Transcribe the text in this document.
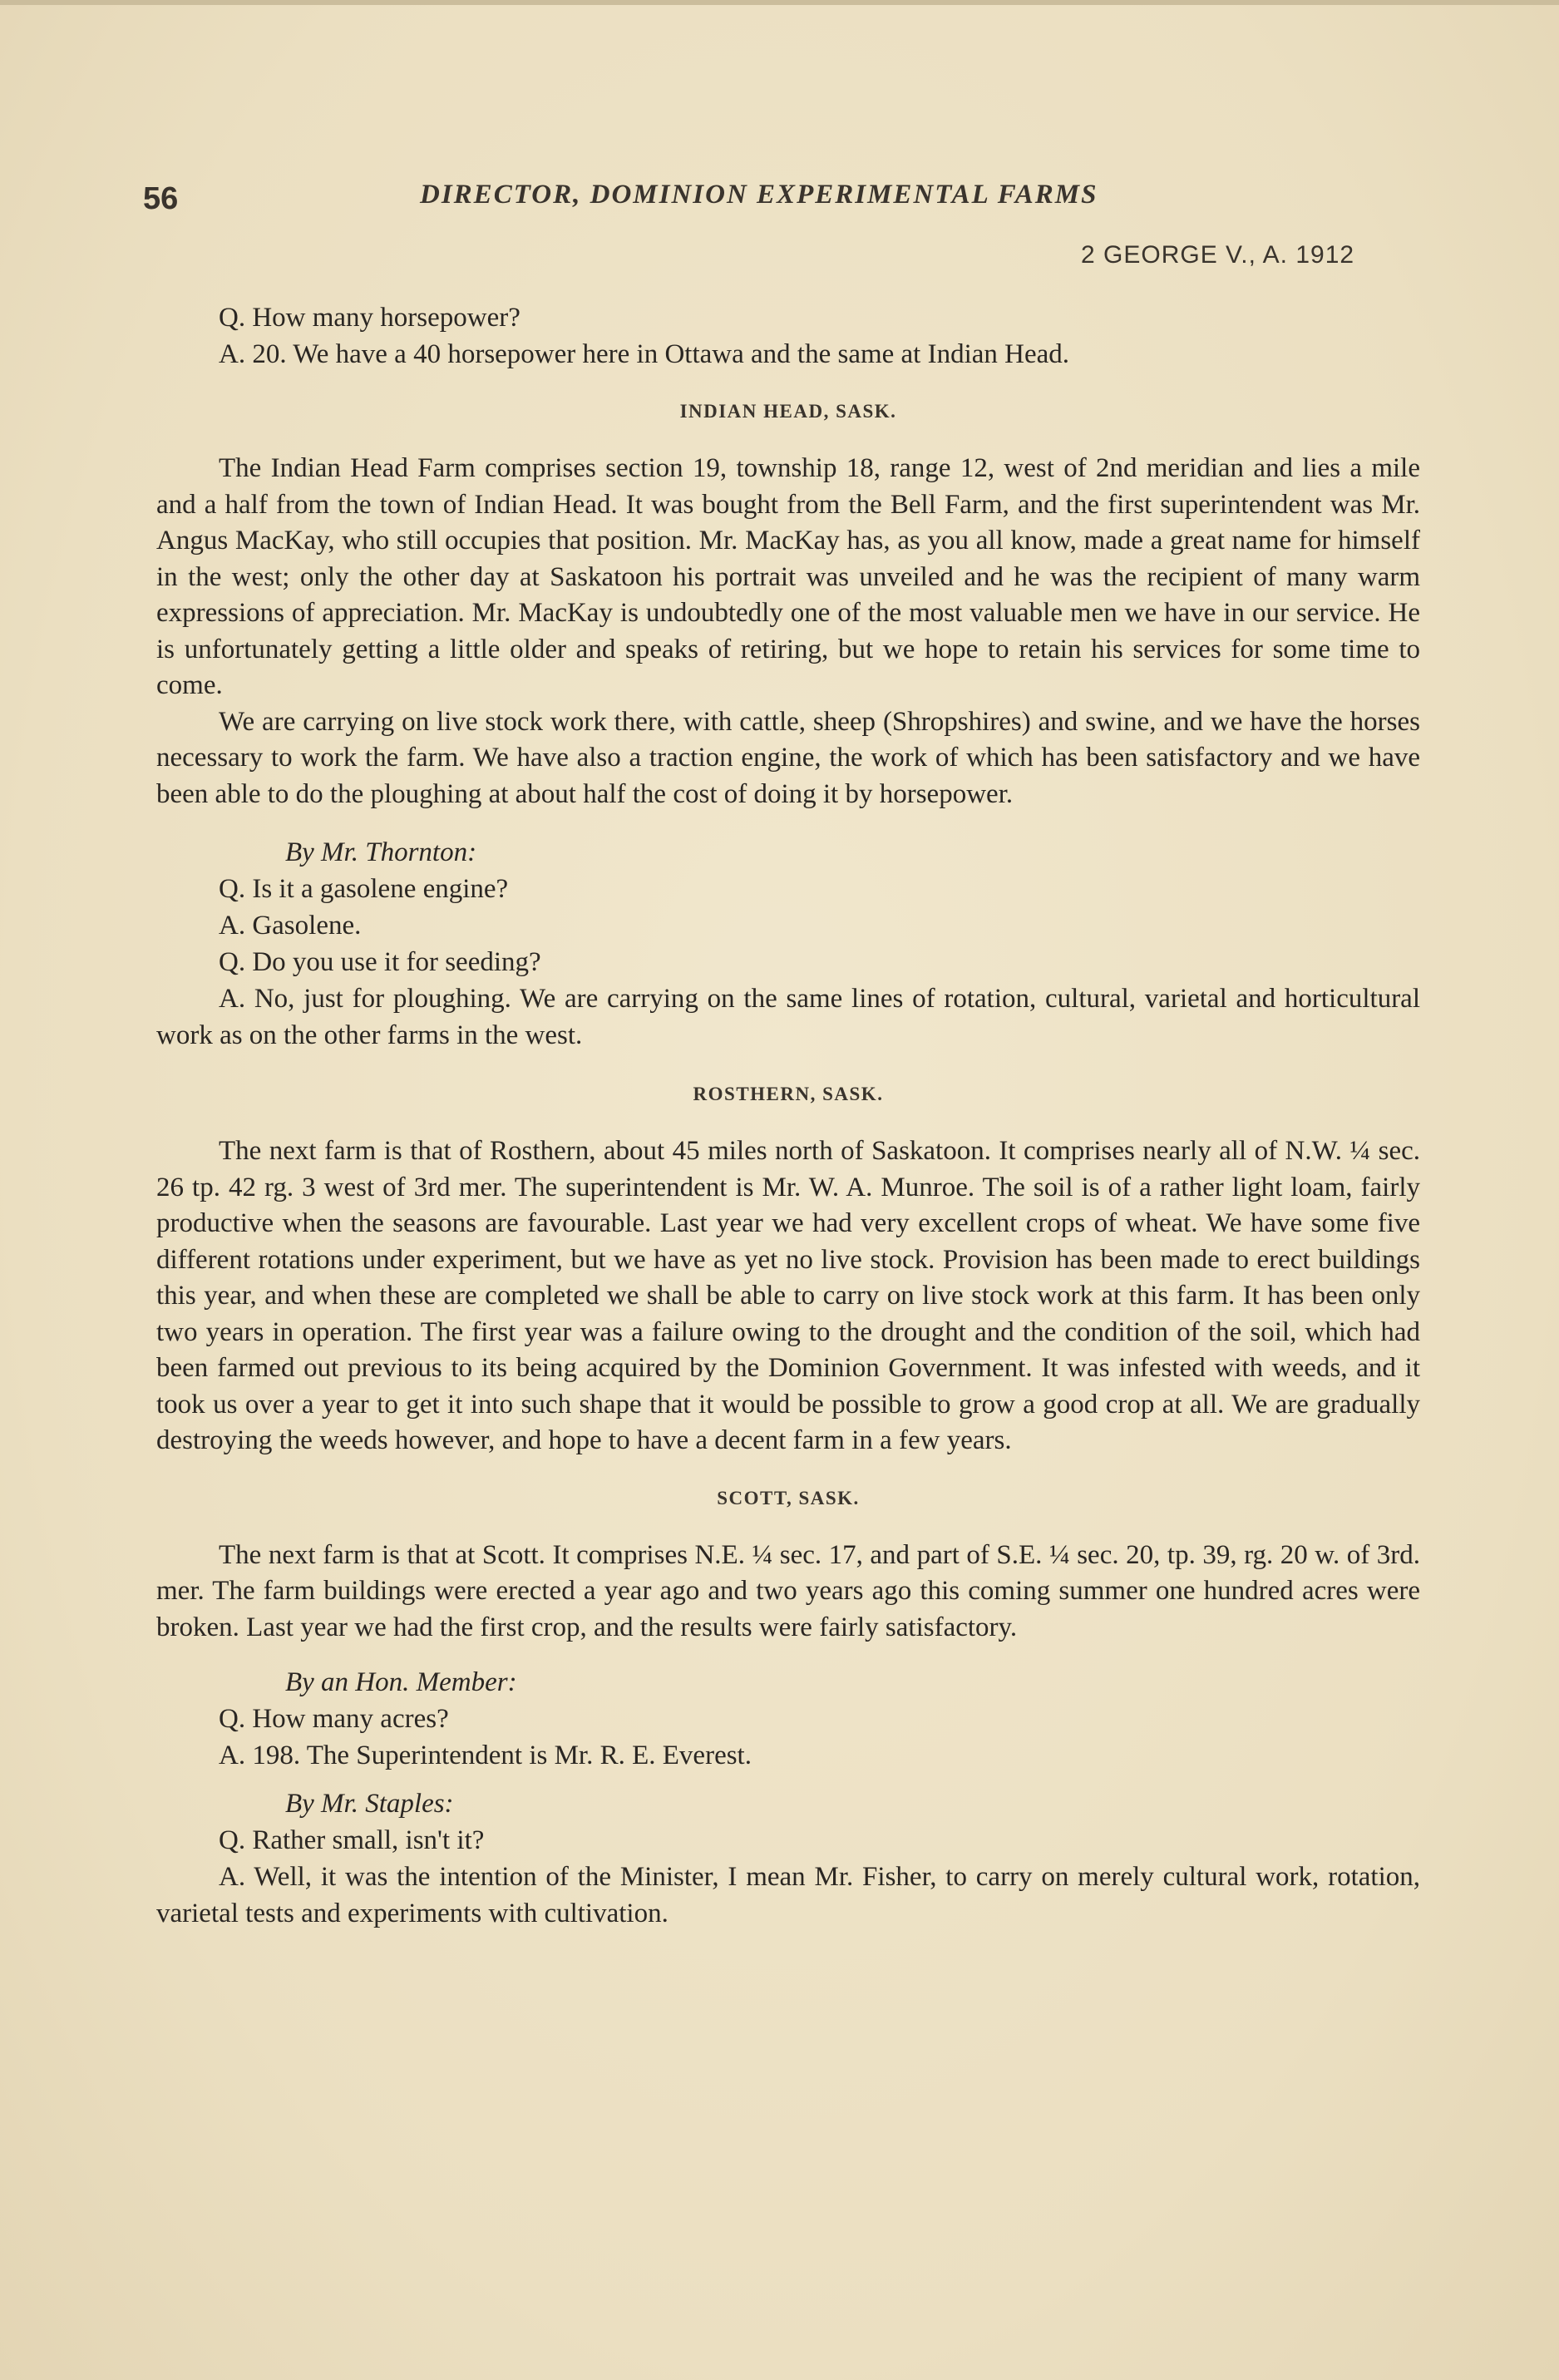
56	DIRECTOR, DOMINION EXPERIMENTAL FARMS
2 GEORGE V., A. 1912

Q. How many horsepower?

A. 20. We have a 40 horsepower here in Ottawa and the same at Indian Head.

INDIAN HEAD, SASK.

The Indian Head Farm comprises section 19, township 18, range 12, west of 2nd meridian and lies a mile and a half from the town of Indian Head. It was bought from the Bell Farm, and the first superintendent was Mr. Angus MacKay, who still occupies that position. Mr. MacKay has, as you all know, made a great name for himself in the west; only the other day at Saskatoon his portrait was unveiled and he was the recipient of many warm expressions of appreciation. Mr. MacKay is undoubtedly one of the most valuable men we have in our service. He is unfortunately getting a little older and speaks of retiring, but we hope to retain his services for some time to come.

We are carrying on live stock work there, with cattle, sheep (Shropshires) and swine, and we have the horses necessary to work the farm. We have also a traction engine, the work of which has been satisfactory and we have been able to do the ploughing at about half the cost of doing it by horsepower.

By Mr. Thornton:

Q. Is it a gasolene engine?

A. Gasolene.

Q. Do you use it for seeding?

A. No, just for ploughing. We are carrying on the same lines of rotation, cultural, varietal and horticultural work as on the other farms in the west.

ROSTHERN, SASK.

The next farm is that of Rosthern, about 45 miles north of Saskatoon. It comprises nearly all of N.W. ¼ sec. 26 tp. 42 rg. 3 west of 3rd mer. The superintendent is Mr. W. A. Munroe. The soil is of a rather light loam, fairly productive when the seasons are favourable. Last year we had very excellent crops of wheat. We have some five different rotations under experiment, but we have as yet no live stock. Provision has been made to erect buildings this year, and when these are completed we shall be able to carry on live stock work at this farm. It has been only two years in operation. The first year was a failure owing to the drought and the condition of the soil, which had been farmed out previous to its being acquired by the Dominion Government. It was infested with weeds, and it took us over a year to get it into such shape that it would be possible to grow a good crop at all. We are gradually destroying the weeds however, and hope to have a decent farm in a few years.

SCOTT, SASK.

The next farm is that at Scott. It comprises N.E. ¼ sec. 17, and part of S.E. ¼ sec. 20, tp. 39, rg. 20 w. of 3rd. mer. The farm buildings were erected a year ago and two years ago this coming summer one hundred acres were broken. Last year we had the first crop, and the results were fairly satisfactory.

By an Hon. Member:

Q. How many acres?

A. 198. The Superintendent is Mr. R. E. Everest.

By Mr. Staples:

Q. Rather small, isn't it?

A. Well, it was the intention of the Minister, I mean Mr. Fisher, to carry on merely cultural work, rotation, varietal tests and experiments with cultivation.
